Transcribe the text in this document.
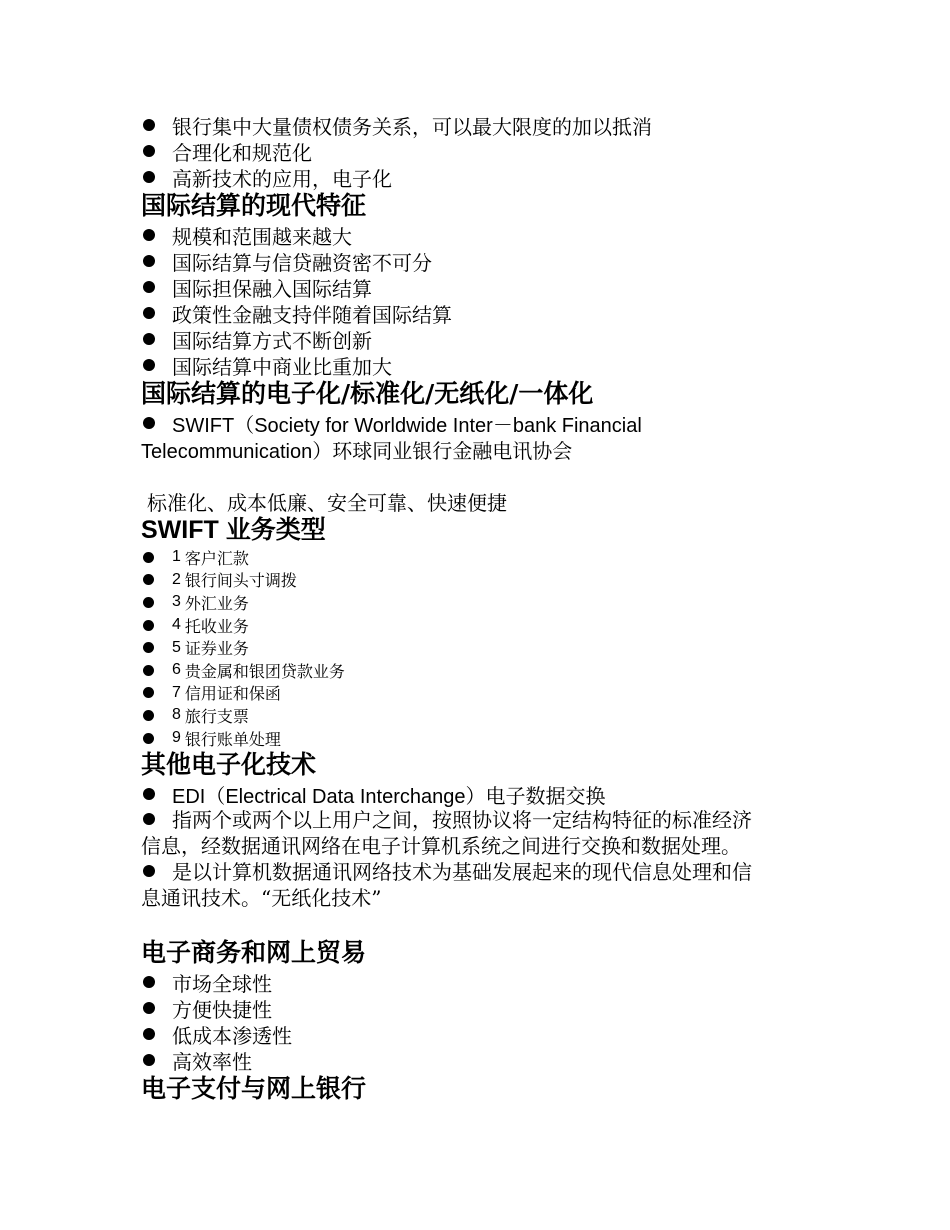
银行集中大量债权债务关系，可以最大限度的加以抵消
合理化和规范化
高新技术的应用，电子化
国际结算的现代特征
规模和范围越来越大
国际结算与信贷融资密不可分
国际担保融入国际结算
政策性金融支持伴随着国际结算
国际结算方式不断创新
国际结算中商业比重加大
国际结算的电子化/标准化/无纸化/一体化
SWIFT（Society for Worldwide Inter－bank Financial
Telecommunication）环球同业银行金融电讯协会
标准化、成本低廉、安全可靠、快速便捷
SWIFT 业务类型
1 客户汇款
2 银行间头寸调拨
3 外汇业务
4 托收业务
5 证券业务
6 贵金属和银团贷款业务
7 信用证和保函
8 旅行支票
9 银行账单处理
其他电子化技术
EDI（Electrical Data Interchange）电子数据交换
指两个或两个以上用户之间，按照协议将一定结构特征的标准经济
信息，经数据通讯网络在电子计算机系统之间进行交换和数据处理。
是以计算机数据通讯网络技术为基础发展起来的现代信息处理和信
息通讯技术。“无纸化技术”
电子商务和网上贸易
市场全球性
方便快捷性
低成本渗透性
高效率性
电子支付与网上银行
